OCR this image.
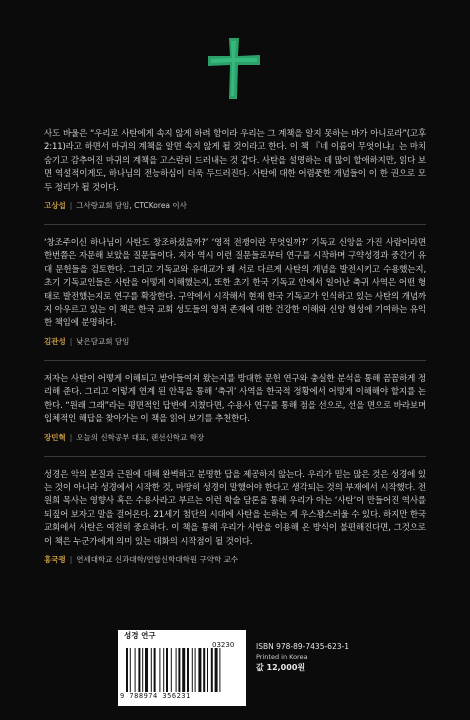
사도 바울은 “우리로 사탄에게 속지 않게 하려 함이라 우리는 그 계책을 알지 못하는 바가 아니로라”(고후 2:11)라고 하면서 마귀의 계책을 알면 속지 않게 될 것이라고 한다. 이 책 『네 이름이 무엇이냐』는 마치 숨기고 감추어진 마귀의 계책을 고스란히 드러내는 것 같다. 사탄을 설명하는 데 많이 할애하지만, 읽다 보면 역설적이게도, 하나님의 전능하심이 더욱 두드러진다. 사탄에 대한 어렴풋한 개념들이 이 한 권으로 모두 정리가 될 것이다.

고상섭 | 그사랑교회 담임, CTCKorea 이사

‘창조주이신 하나님이 사탄도 창조하셨을까?’ ‘영적 전쟁이란 무엇일까?’ 기독교 신앙을 가진 사람이라면 한번쯤은 자문해 보았을 질문들이다. 저자 역시 이런 질문들로부터 연구를 시작하며 구약성경과 중간기 유대 문헌들을 검토한다. 그리고 기독교와 유대교가 왜 서로 다르게 사탄의 개념을 발전시키고 수용했는지, 초기 기독교인들은 사탄을 어떻게 이해했는지, 또한 초기 한국 기독교 안에서 일어난 축귀 사역은 어떤 형태로 발전했는지로 연구를 확장한다. 구약에서 시작해서 현재 한국 기독교가 인식하고 있는 사탄의 개념까지 아우르고 있는 이 책은 한국 교회 성도들의 영적 존재에 대한 건강한 이해와 신앙 형성에 기여하는 유익한 책임에 분명하다.

김관성 | 낮은담교회 담임

저자는 사탄이 어떻게 이해되고 받아들여져 왔는지를 방대한 문헌 연구와 충실한 분석을 통해 꼼꼼하게 정리해 준다. 그리고 이렇게 연계 된 안목을 통해 ‘축귀’ 사역을 한국적 정황에서 어떻게 이해해야 할지를 논한다. “원래 그래”라는 평면적인 답변에 지쳤다면, 수용사 연구를 통해 점을 선으로, 선을 면으로 바라보며 입체적인 해답을 찾아가는 이 책을 읽어 보기를 추천한다.

장민혁 | 오늘의 신학공부 대표, 랜선신학교 학장

성경은 악의 본질과 근원에 대해 완벽하고 분명한 답을 제공하지 않는다. 우리가 믿는 많은 것은 성경에 있는 것이 아니라 성경에서 시작한 것, 마땅히 성경이 말했어야 한다고 생각되는 것의 부재에서 시작했다. 전원희 목사는 영향사 혹은 수용사라고 부르는 이런 학술 담론을 통해 우리가 아는 ‘사탄’이 만들어진 역사를 되짚어 보자고 말을 걸어온다. 21세기 첨단의 시대에 사탄을 논하는 게 우스꽝스러울 수 있다. 하지만 한국 교회에서 사탄은 여전히 중요하다. 이 책을 통해 우리가 사탄을 이용해 온 방식이 불편해진다면, 그것으로 이 책은 누군가에게 의미 있는 대화의 시작점이 될 것이다.

홍국평 | 연세대학교 신과대학/연합신학대학원 구약학 교수
9 788974 356231
성경 연구
03230	ISBN 978-89-7435-623-1
Printed in Korea
값 12,000원
